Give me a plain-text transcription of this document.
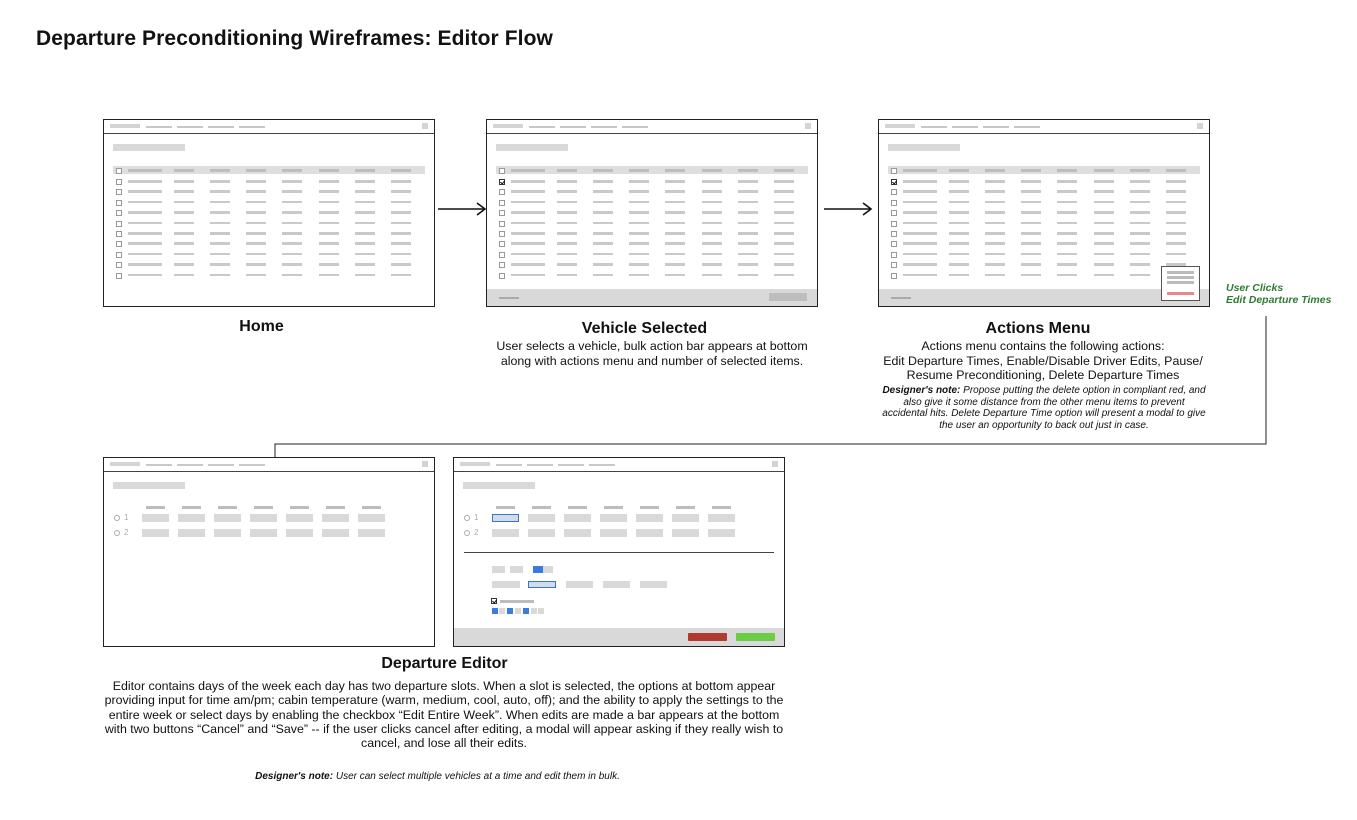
Departure Preconditioning Wireframes: Editor Flow
User Clicks
Edit Departure Times
Home	Vehicle Selected
User selects a vehicle, bulk action bar appears at bottom
along with actions menu and number of selected items.
Actions Menu
Actions menu contains the following actions:
Edit Departure Times, Enable/Disable Driver Edits, Pause/
Resume Preconditioning, Delete Departure Times
Designer's note: Propose putting the delete option in compliant red, and
also give it some distance from the other menu items to prevent
accidental hits. Delete Departure Time option will present a modal to give
the user an opportunity to back out just in case.
1
2
1
2
Departure Editor
Editor contains days of the week each day has two departure slots. When a slot is selected, the options at bottom appear
providing input for time am/pm; cabin temperature (warm, medium, cool, auto, off); and the ability to apply the settings to the
entire week or select days by enabling the checkbox “Edit Entire Week”. When edits are made a bar appears at the bottom
with two buttons “Cancel” and “Save” -- if the user clicks cancel after editing, a modal will appear asking if they really wish to
cancel, and lose all their edits.
Designer's note: User can select multiple vehicles at a time and edit them in bulk.
